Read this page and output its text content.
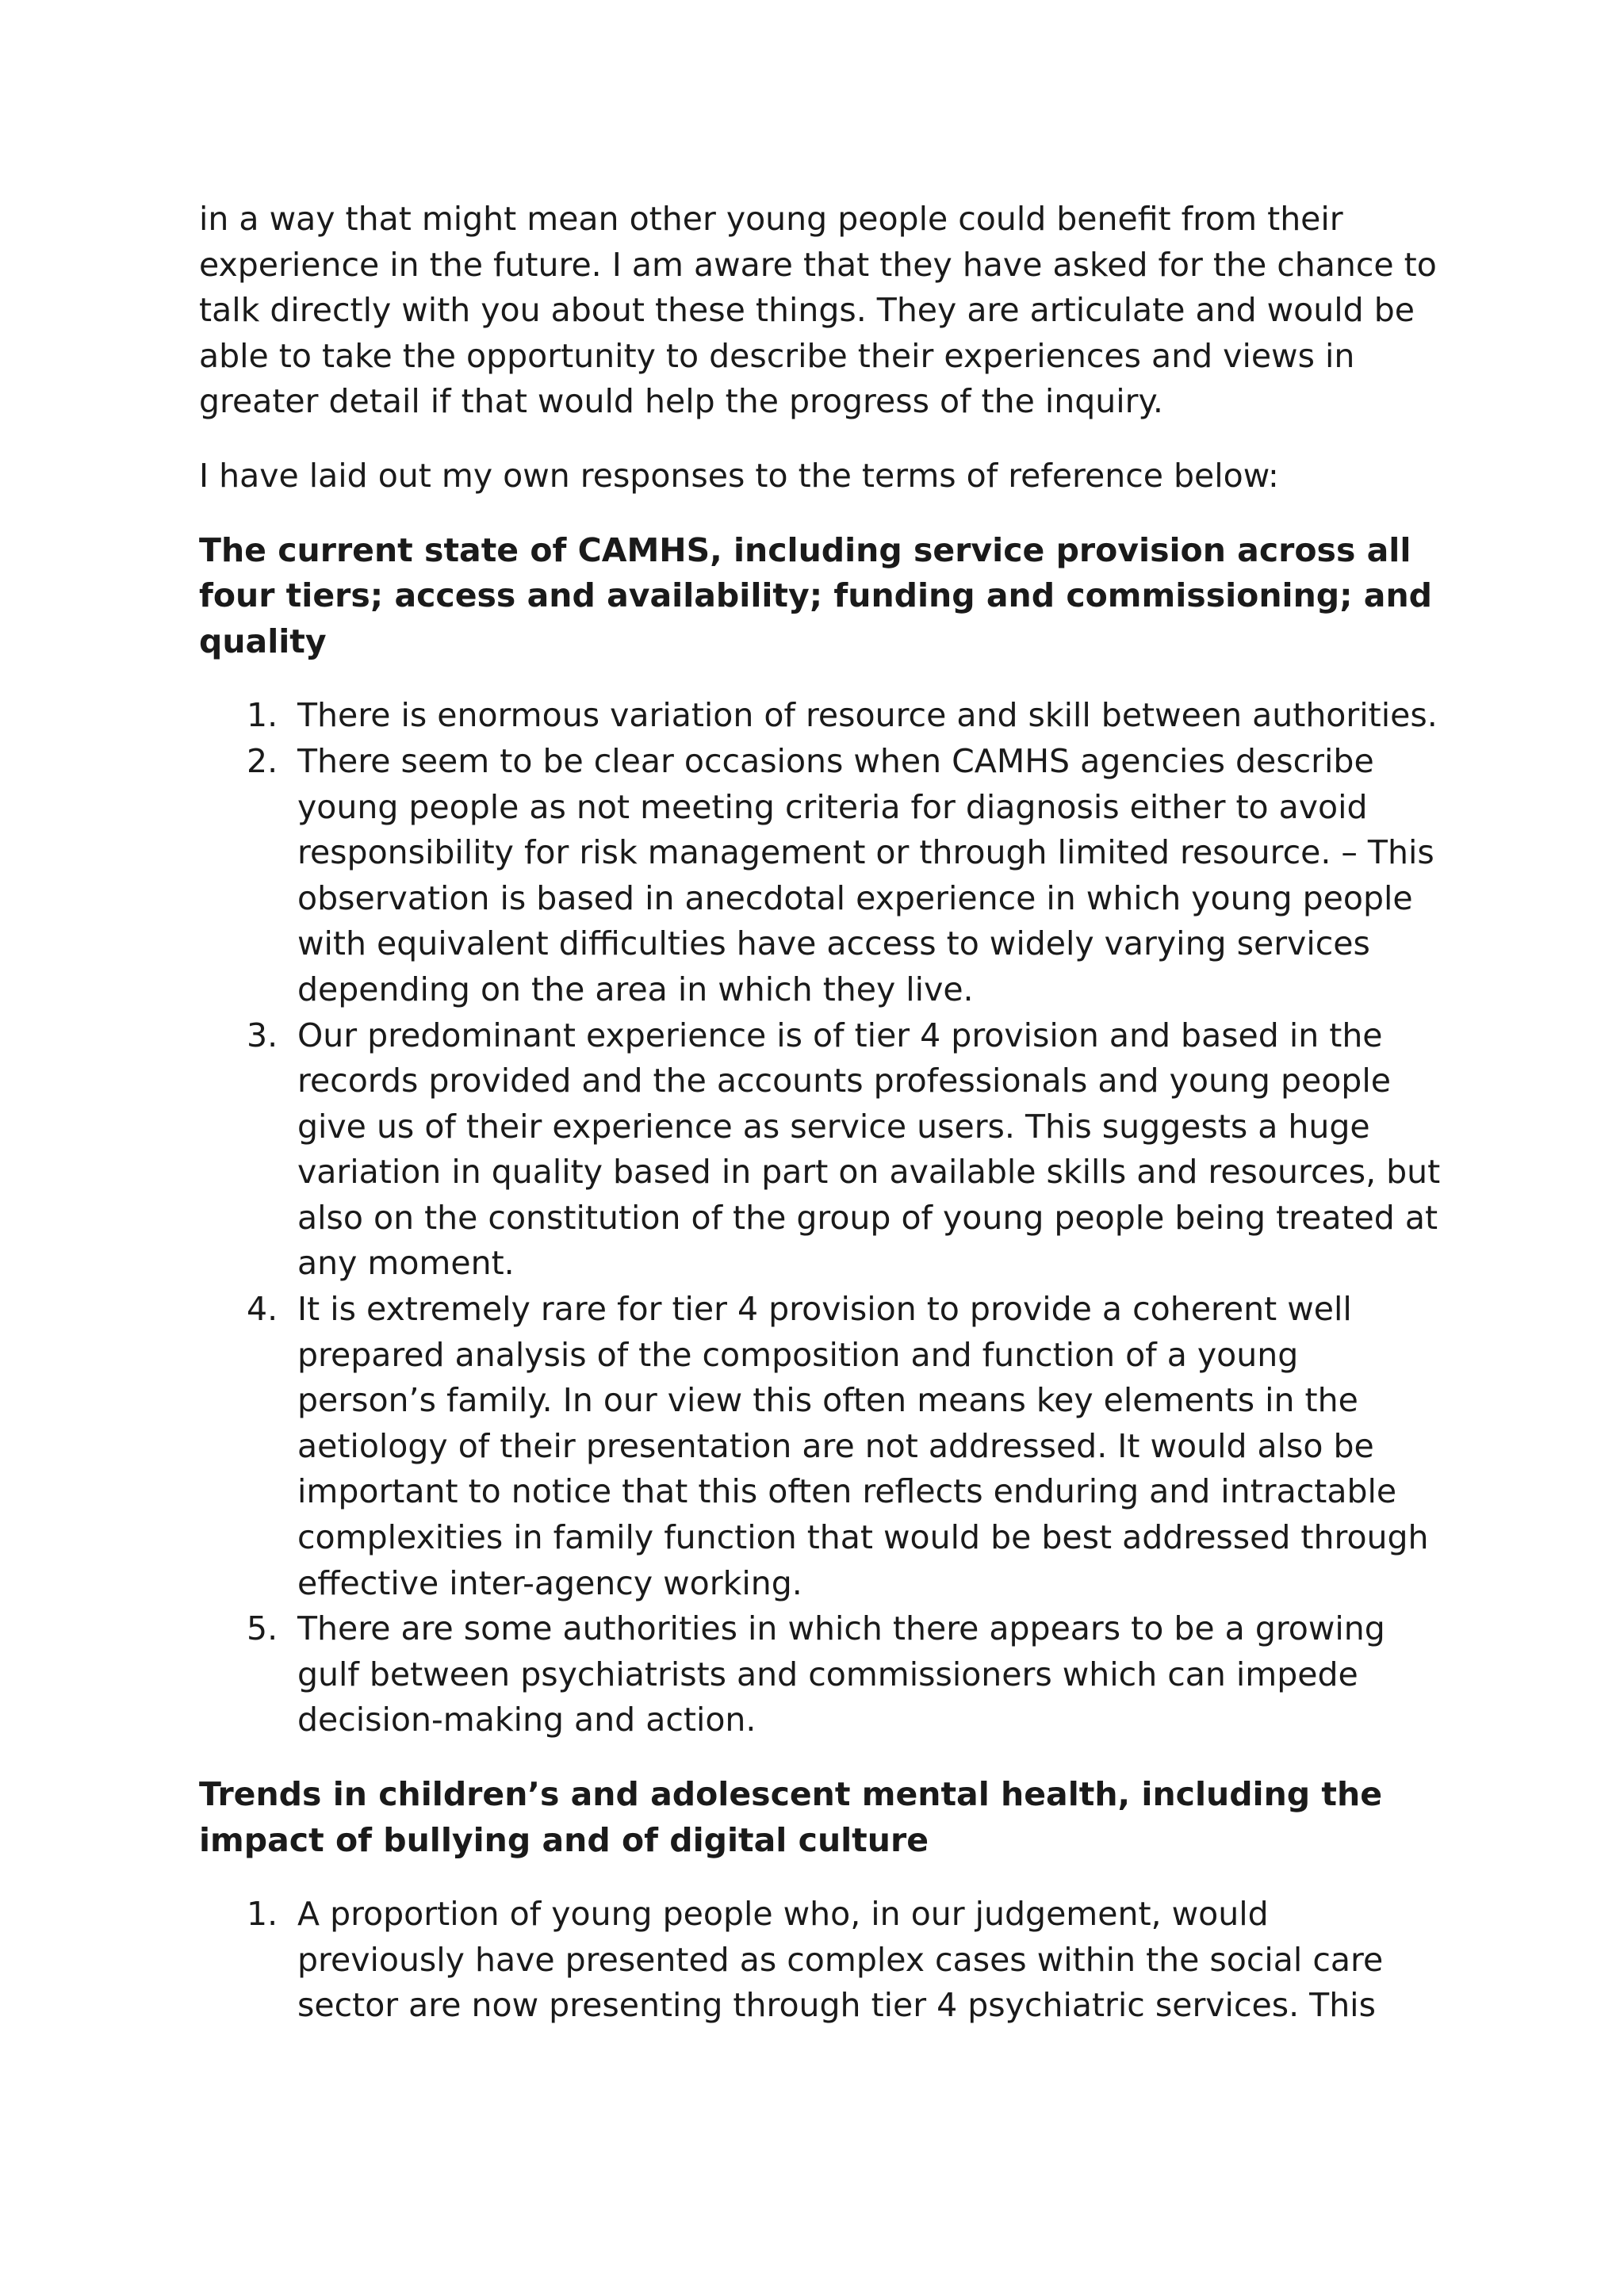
in a way that might mean other young people could benefit from their experience in the future. I am aware that they have asked for the chance to talk directly with you about these things. They are articulate and would be able to take the opportunity to describe their experiences and views in greater detail if that would help the progress of the inquiry.

I have laid out my own responses to the terms of reference below:

The current state of CAMHS, including service provision across all four tiers; access and availability; funding and commissioning; and quality
1. There is enormous variation of resource and skill between authorities.
2. There seem to be clear occasions when CAMHS agencies describe young people as not meeting criteria for diagnosis either to avoid responsibility for risk management or through limited resource. – This observation is based in anecdotal experience in which young people with equivalent difficulties have access to widely varying services depending on the area in which they live.
3. Our predominant experience is of tier 4 provision and based in the records provided and the accounts professionals and young people give us of their experience as service users. This suggests a huge variation in quality based in part on available skills and resources, but also on the constitution of the group of young people being treated at any moment.
4. It is extremely rare for tier 4 provision to provide a coherent well prepared analysis of the composition and function of a young person’s family. In our view this often means key elements in the aetiology of their presentation are not addressed. It would also be important to notice that this often reflects enduring and intractable complexities in family function that would be best addressed through effective inter-agency working.
5. There are some authorities in which there appears to be a growing gulf between psychiatrists and commissioners which can impede decision-making and action.
Trends in children’s and adolescent mental health, including the impact of bullying and of digital culture
1. A proportion of young people who, in our judgement, would previously have presented as complex cases within the social care sector are now presenting through tier 4 psychiatric services. This
